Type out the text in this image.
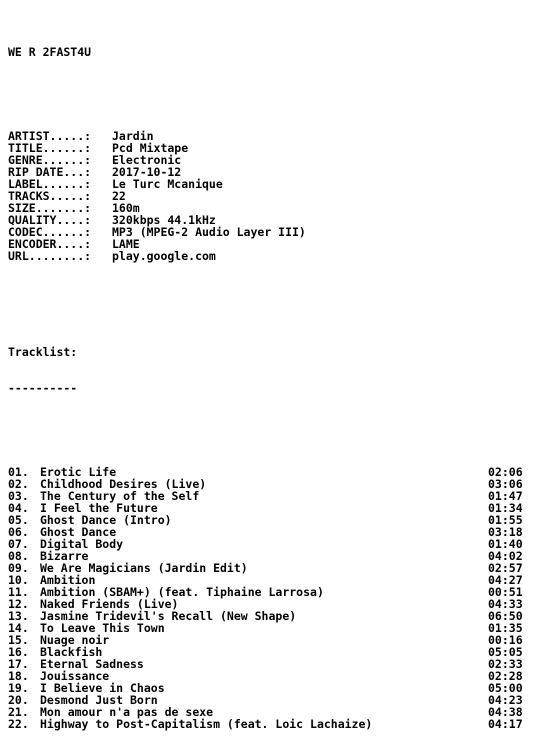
WE R 2FAST4U

ARTIST.....:	Jardin
TITLE......:	Pcd Mixtape
GENRE......:	Electronic
RIP DATE...:	2017-10-12
LABEL......:	Le Turc Mcanique
TRACKS.....:	22
SIZE.......:	160m
QUALITY....:	320kbps 44.1kHz
CODEC......:	MP3 (MPEG-2 Audio Layer III)
ENCODER....:	LAME
URL........:	play.google.com

Tracklist:

----------

01. Erotic Life	02:06
02. Childhood Desires (Live)	03:06
03. The Century of the Self	01:47
04. I Feel the Future	01:34
05. Ghost Dance (Intro)	01:55
06. Ghost Dance	03:18
07. Digital Body	01:40
08. Bizarre	04:02
09. We Are Magicians (Jardin Edit)	02:57
10. Ambition	04:27
11. Ambition (SBAM+) (feat. Tiphaine Larrosa)	00:51
12. Naked Friends (Live)	04:33
13. Jasmine Tridevil's Recall (New Shape)	06:50
14. To Leave This Town	01:35
15. Nuage noir	00:16
16. Blackfish	05:05
17. Eternal Sadness	02:33
18. Jouissance	02:28
19. I Believe in Chaos	05:00
20. Desmond Just Born	04:23
21. Mon amour n'a pas de sexe	04:38
22. Highway to Post-Capitalism (feat. Loic Lachaize)	04:17
